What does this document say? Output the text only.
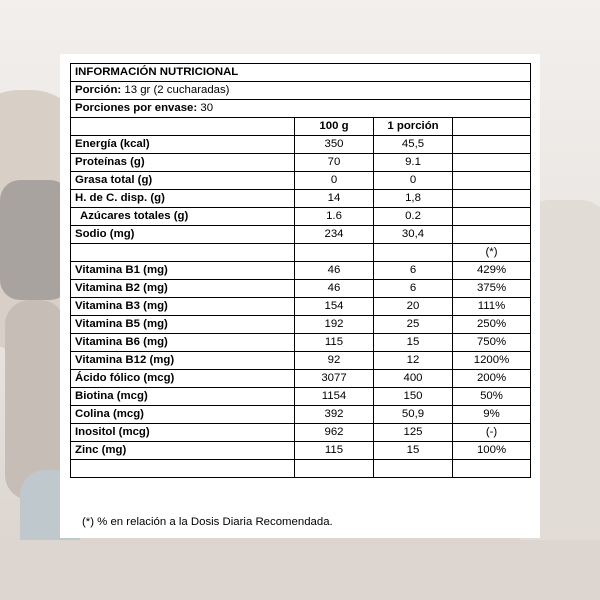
INFORMACIÓN NUTRICIONAL			
Porción: 13 gr (2 cucharadas)			
Porciones por envase: 30			
	100 g	1 porción	
Energía (kcal)	350	45,5	
Proteínas (g)	70	9.1	
Grasa total (g)	0	0	
H. de C. disp. (g)	14	1,8	
Azúcares totales (g)	1.6	0.2	
Sodio (mg)	234	30,4	
			(*)
Vitamina B1 (mg)	46	6	429%
Vitamina B2 (mg)	46	6	375%
Vitamina B3 (mg)	154	20	111%
Vitamina B5 (mg)	192	25	250%
Vitamina B6 (mg)	115	15	750%
Vitamina B12 (mg)	92	12	1200%
Ácido fólico (mcg)	3077	400	200%
Biotina (mcg)	1154	150	50%
Colina (mcg)	392	50,9	9%
Inositol (mcg)	962	125	(-)
Zinc (mg)	115	15	100%

(*) % en relación a la Dosis Diaria Recomendada.
